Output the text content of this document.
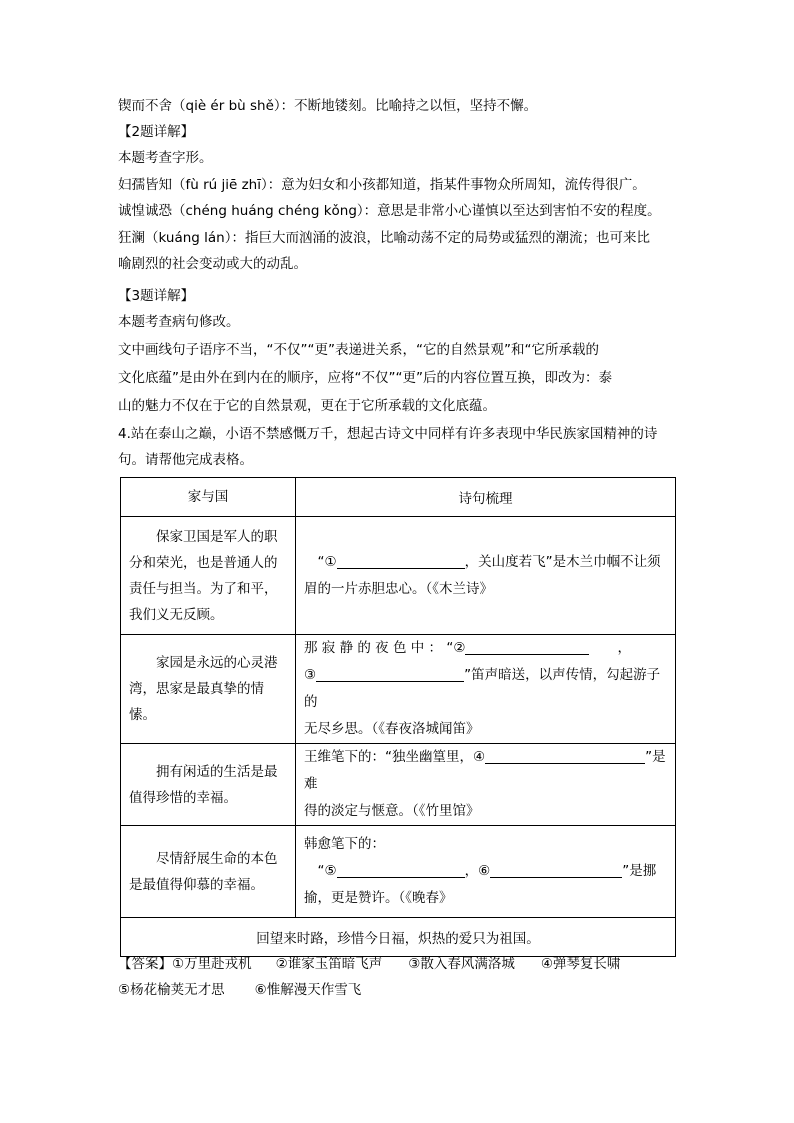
锲而不舍（qiè ér bù shě）：不断地镂刻。比喻持之以恒，坚持不懈。
【2题详解】
本题考查字形。
妇孺皆知（fù rú jiē zhī）：意为妇女和小孩都知道，指某件事物众所周知，流传得很广。
诚惶诚恐（chéng huáng chéng kǒng）：意思是非常小心谨慎以至达到害怕不安的程度。
狂澜（kuáng lán）：指巨大而汹涌的波浪，比喻动荡不定的局势或猛烈的潮流；也可来比
喻剧烈的社会变动或大的动乱。
【3题详解】
本题考查病句修改。
文中画线句子语序不当，“不仅”“更”表递进关系，“它的自然景观”和“它所承载的
文化底蕴”是由外在到内在的顺序，应将“不仅”“更”后的内容位置互换，即改为：泰
山的魅力不仅在于它的自然景观，更在于它所承载的文化底蕴。
4.站在泰山之巅，小语不禁感慨万千，想起古诗文中同样有许多表现中华民族家国精神的诗
句。请帮他完成表格。
家与国	诗句梳理
保家卫国是军人的职分和荣光，也是普通人的责任与担当。为了和平，我们义无反顾。	“① ，关山度若飞”是木兰巾帼不让须
眉的一片赤胆忠心。（《木兰诗》

家园是永远的心灵港湾，思家是最真挚的情愫。	那 寂 静 的 夜 色 中 ： “② ，
③ ”笛声暗送，以声传情，勾起游子的
无尽乡思。（《春夜洛城闻笛》

拥有闲适的生活是最值得珍惜的幸福。	王维笔下的：“独坐幽篁里，④ ”是难
得的淡定与惬意。（《竹里馆》

尽情舒展生命的本色是最值得仰慕的幸福。	韩愈笔下的：
“⑤ ，⑥ ”是挪
揄，更是赞许。（《晚春》

回望来时路，珍惜今日福，炽热的爱只为祖国。	
【答案】①万里赴戎机 ②谁家玉笛暗飞声 ③散入春风满洛城 ④弹琴复长啸
⑤杨花榆荚无才思 ⑥惟解漫天作雪飞
